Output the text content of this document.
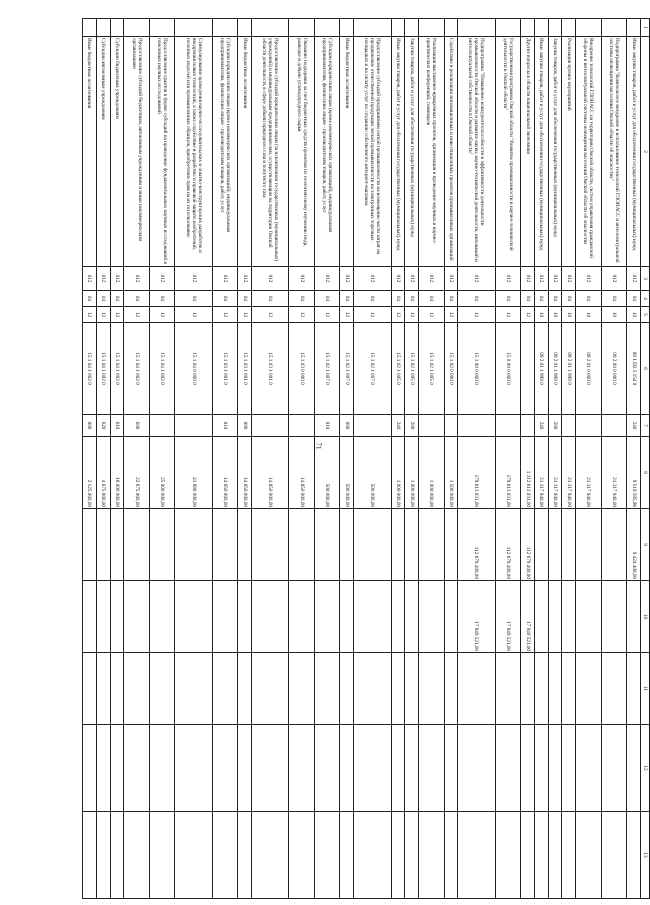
71
1	2	3	4	5	6	7	8	9	10	11	12	13
	Иные закупки товаров, работ и услуг для обеспечения государственных (муниципальных) нужд	012	04	10	09 1 D2 5 154 0	240	9 519 595,96	9 424 400,00				
	Подпрограмма "Комплексное внедрение и использование технологий ГЛОНАСС и интеллектуальной системы оповещения населения Омской области об опасностях"	012	04	10	09 2 00 0 000 0		21 317 940,00					
	Внедрение технологий ГЛОНАСС на территории Омской области, систем управления гражданской обороны и интеллектуальной системы оповещения населения Омской области об опасностях	012	04	10	09 2 01 0 000 0		21 317 940,00					
	Реализация прочих мероприятий	012	04	10	09 2 01 1 999 0		21 317 940,00					
	Закупка товаров, работ и услуг для обеспечения государственных (муниципальных) нужд	012	04	10	09 2 01 1 999 0	200	21 317 940,00					
	Иные закупки товаров, работ и услуг для обеспечения государственных (муниципальных) нужд	012	04	10	09 2 01 1 999 0	240	21 317 940,00					
	Другие вопросы в области национальной экономики	012	04	12			1 312 813 031,00	112 678 400,00	17 949 521,00			
	Государственная программа Омской области "Развитие промышленности и научно-технической деятельности в Омской области"	012	04	12	15 0 00 0 000 0		179 813 031,00	112 678 400,00	17 949 521,00			
	Подпрограмма "Повышение конкурентоспособности и эффективности деятельности промышленности Омской области и развитие науки, научно-технической деятельности, инноваций и интеллектуальной собственности в Омской области"	012	04	12	15 1 00 0 000 0		179 813 031,00	112 678 400,00	17 949 521,00			
	Содействие в реализации инновационных и инвестиционных проектов промышленных организаций	012	04	12	15 1 02 0 000 0		1 500 000,00					
	Реализация выставочно-ярмарочных проектов, организация и проведение научных и научно-практических конференций, семинаров	012	04	12	15 1 02 1 005 0		1 000 000,00					
	Закупка товаров, работ и услуг для обеспечения государственных (муниципальных) нужд	012	04	12	15 1 02 1 005 0	200	1 000 000,00					
	Иные закупки товаров, работ и услуг для обеспечения государственных (муниципальных) нужд	012	04	12	15 1 02 1 005 0	240	1 000 000,00					
	Предоставление субсидий предприятиям легкой промышленности на возмещение части затрат на продвижение отечественной продукции легкой промышленности на электронных торговых площадках и на оплату услуг по созданию собственного интернет-магазина	012	04	12	15 1 02 1 007 0		500 000,00					
	Иные бюджетные ассигнования	012	04	12	15 1 02 1 007 0	800	500 000,00					
	Субсидии юридическим лицам (кроме некоммерческих организаций), индивидуальным предпринимателям, физическим лицам - производителям товаров, работ, услуг	012	04	12	15 1 02 1 007 0	810	500 000,00					
	Оказание поддержки за счет бюджетных средств проектам по геологическому изучению недр, разведке и добыче углеводородного сырья	012	04	12	15 1 03 0 000 0		14 850 000,00					
	Предоставление субсидий юридическим лицам (за исключением государственных (муниципальных) учреждений) и индивидуальным предпринимателям, осуществляющим на территории Омской области деятельность в сфере добычи природного газа и попутного газа	012	04	12	15 1 03 1 001 0		14 850 000,00					
	Иные бюджетные ассигнования	012	04	12	15 1 03 1 001 0	800	14 850 000,00					
	Субсидии юридическим лицам (кроме некоммерческих организаций), индивидуальным предпринимателям, физическим лицам - производителям товаров, работ, услуг	012	04	12	15 1 03 1 001 0	810	14 850 000,00					
	Стимулирование проведения научно-исследовательских и опытно-конструкторских разработок и внедрения новых технологий, а также содействие в разработке и правовой защите изобретений, полезных моделей или промышленных образцов, приобретение прав на их использование	012	04	12	15 1 04 0 000 0		41 880 000,00					
	Предоставление грантов в форме субсидий на проведение фундаментальных научных исследований и поисковых научных исследований	012	04	12	15 1 04 1 002 0		25 000 000,00					
	Предоставление субсидий бюджетным, автономным учреждениям и иным некоммерческим организациям	012	04	12	15 1 04 1 002 0	600	22 875 000,00					
	Субсидии бюджетным учреждениям	012	04	12	15 1 04 1 002 0	610	18 000 000,00					
	Субсидии автономным учреждениям	012	04	12	15 1 04 1 002 0	620	4 875 000,00					
	Иные бюджетные ассигнования	012	04	12	15 1 04 1 002 0	800	2 125 000,00					
